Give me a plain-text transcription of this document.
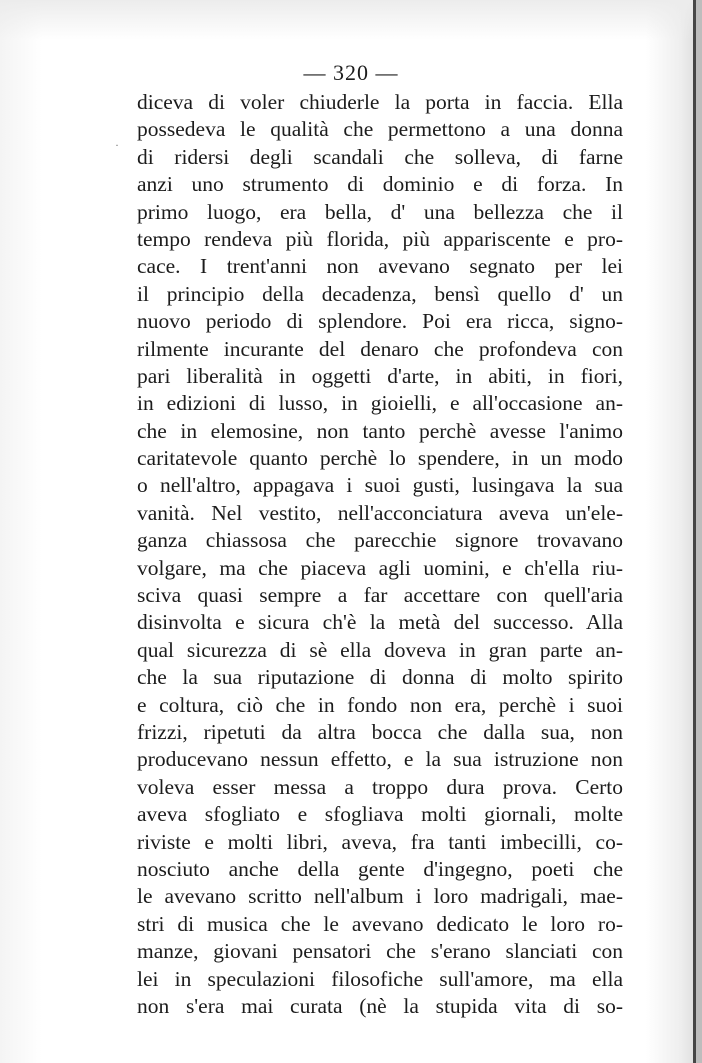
·
— 320 —
diceva di voler chiuderle la porta in faccia. Ella
possedeva le qualità che permettono a una donna
di ridersi degli scandali che solleva, di farne
anzi uno strumento di dominio e di forza. In
primo luogo, era bella, d' una bellezza che il
tempo rendeva più florida, più appariscente e pro-
cace. I trent'anni non avevano segnato per lei
il principio della decadenza, bensì quello d' un
nuovo periodo di splendore. Poi era ricca, signo-
rilmente incurante del denaro che profondeva con
pari liberalità in oggetti d'arte, in abiti, in fiori,
in edizioni di lusso, in gioielli, e all'occasione an-
che in elemosine, non tanto perchè avesse l'animo
caritatevole quanto perchè lo spendere, in un modo
o nell'altro, appagava i suoi gusti, lusingava la sua
vanità. Nel vestito, nell'acconciatura aveva un'ele-
ganza chiassosa che parecchie signore trovavano
volgare, ma che piaceva agli uomini, e ch'ella riu-
sciva quasi sempre a far accettare con quell'aria
disinvolta e sicura ch'è la metà del successo. Alla
qual sicurezza di sè ella doveva in gran parte an-
che la sua riputazione di donna di molto spirito
e coltura, ciò che in fondo non era, perchè i suoi
frizzi, ripetuti da altra bocca che dalla sua, non
producevano nessun effetto, e la sua istruzione non
voleva esser messa a troppo dura prova. Certo
aveva sfogliato e sfogliava molti giornali, molte
riviste e molti libri, aveva, fra tanti imbecilli, co-
nosciuto anche della gente d'ingegno, poeti che
le avevano scritto nell'album i loro madrigali, mae-
stri di musica che le avevano dedicato le loro ro-
manze, giovani pensatori che s'erano slanciati con
lei in speculazioni filosofiche sull'amore, ma ella
non s'era mai curata (nè la stupida vita di so-
